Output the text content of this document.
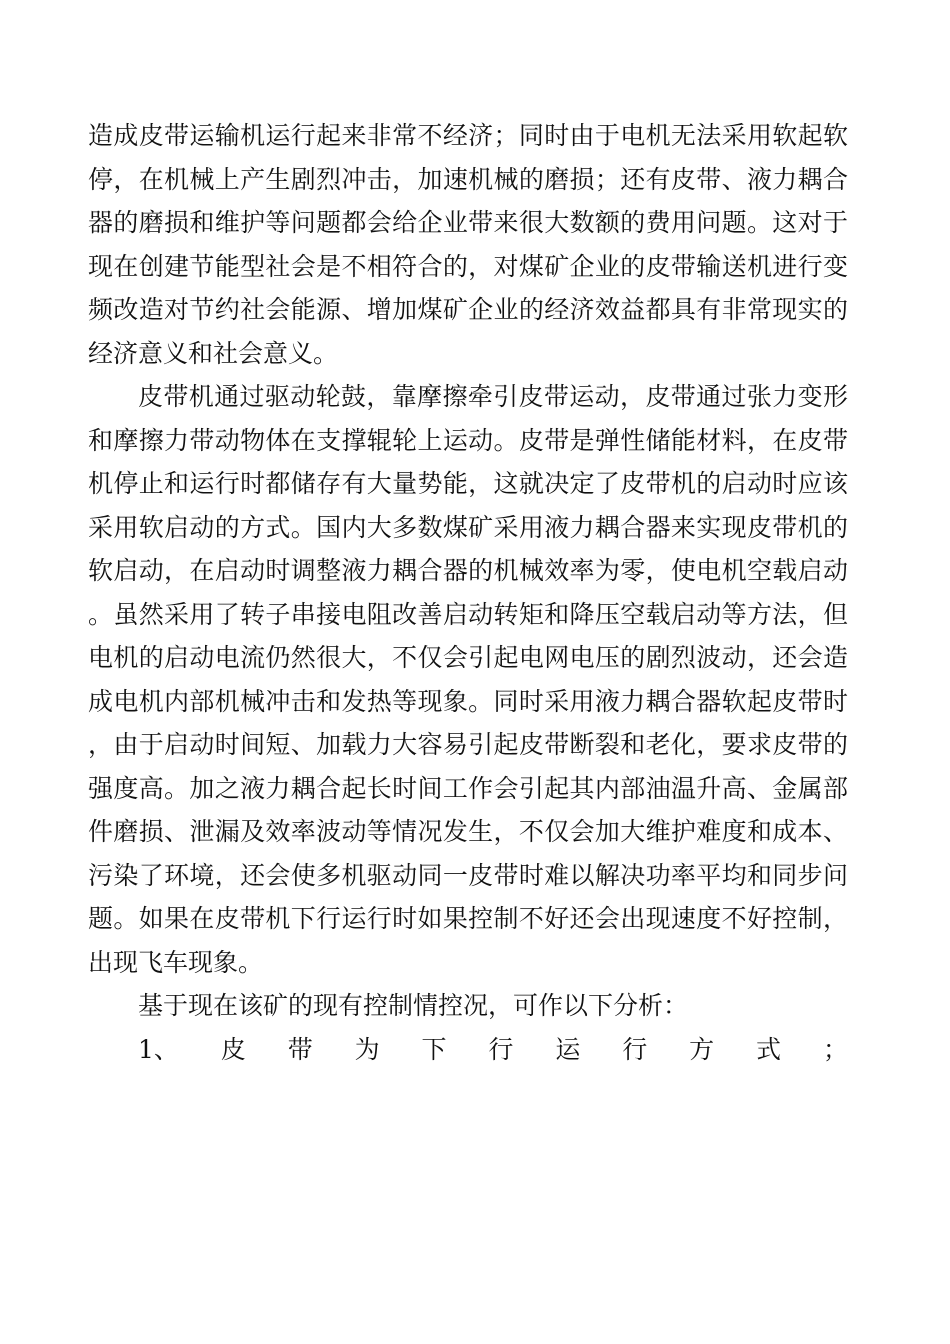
造成皮带运输机运行起来非常不经济；同时由于电机无法采用软起软停，在机械上产生剧烈冲击，加速机械的磨损；还有皮带、液力耦合器的磨损和维护等问题都会给企业带来很大数额的费用问题。这对于现在创建节能型社会是不相符合的，对煤矿企业的皮带输送机进行变频改造对节约社会能源、增加煤矿企业的经济效益都具有非常现实的经济意义和社会意义。

皮带机通过驱动轮鼓，靠摩擦牵引皮带运动，皮带通过张力变形和摩擦力带动物体在支撑辊轮上运动。皮带是弹性储能材料，在皮带机停止和运行时都储存有大量势能，这就决定了皮带机的启动时应该采用软启动的方式。国内大多数煤矿采用液力耦合器来实现皮带机的软启动，在启动时调整液力耦合器的机械效率为零，使电机空载启动。虽然采用了转子串接电阻改善启动转矩和降压空载启动等方法，但电机的启动电流仍然很大，不仅会引起电网电压的剧烈波动，还会造成电机内部机械冲击和发热等现象。同时采用液力耦合器软起皮带时，由于启动时间短、加载力大容易引起皮带断裂和老化，要求皮带的强度高。加之液力耦合起长时间工作会引起其内部油温升高、金属部件磨损、泄漏及效率波动等情况发生，不仅会加大维护难度和成本、污染了环境，还会使多机驱动同一皮带时难以解决功率平均和同步问题。如果在皮带机下行运行时如果控制不好还会出现速度不好控制，出现飞车现象。

基于现在该矿的现有控制情控况，可作以下分析：

1、 皮 带 为 下 行 运 行 方 式 ；
